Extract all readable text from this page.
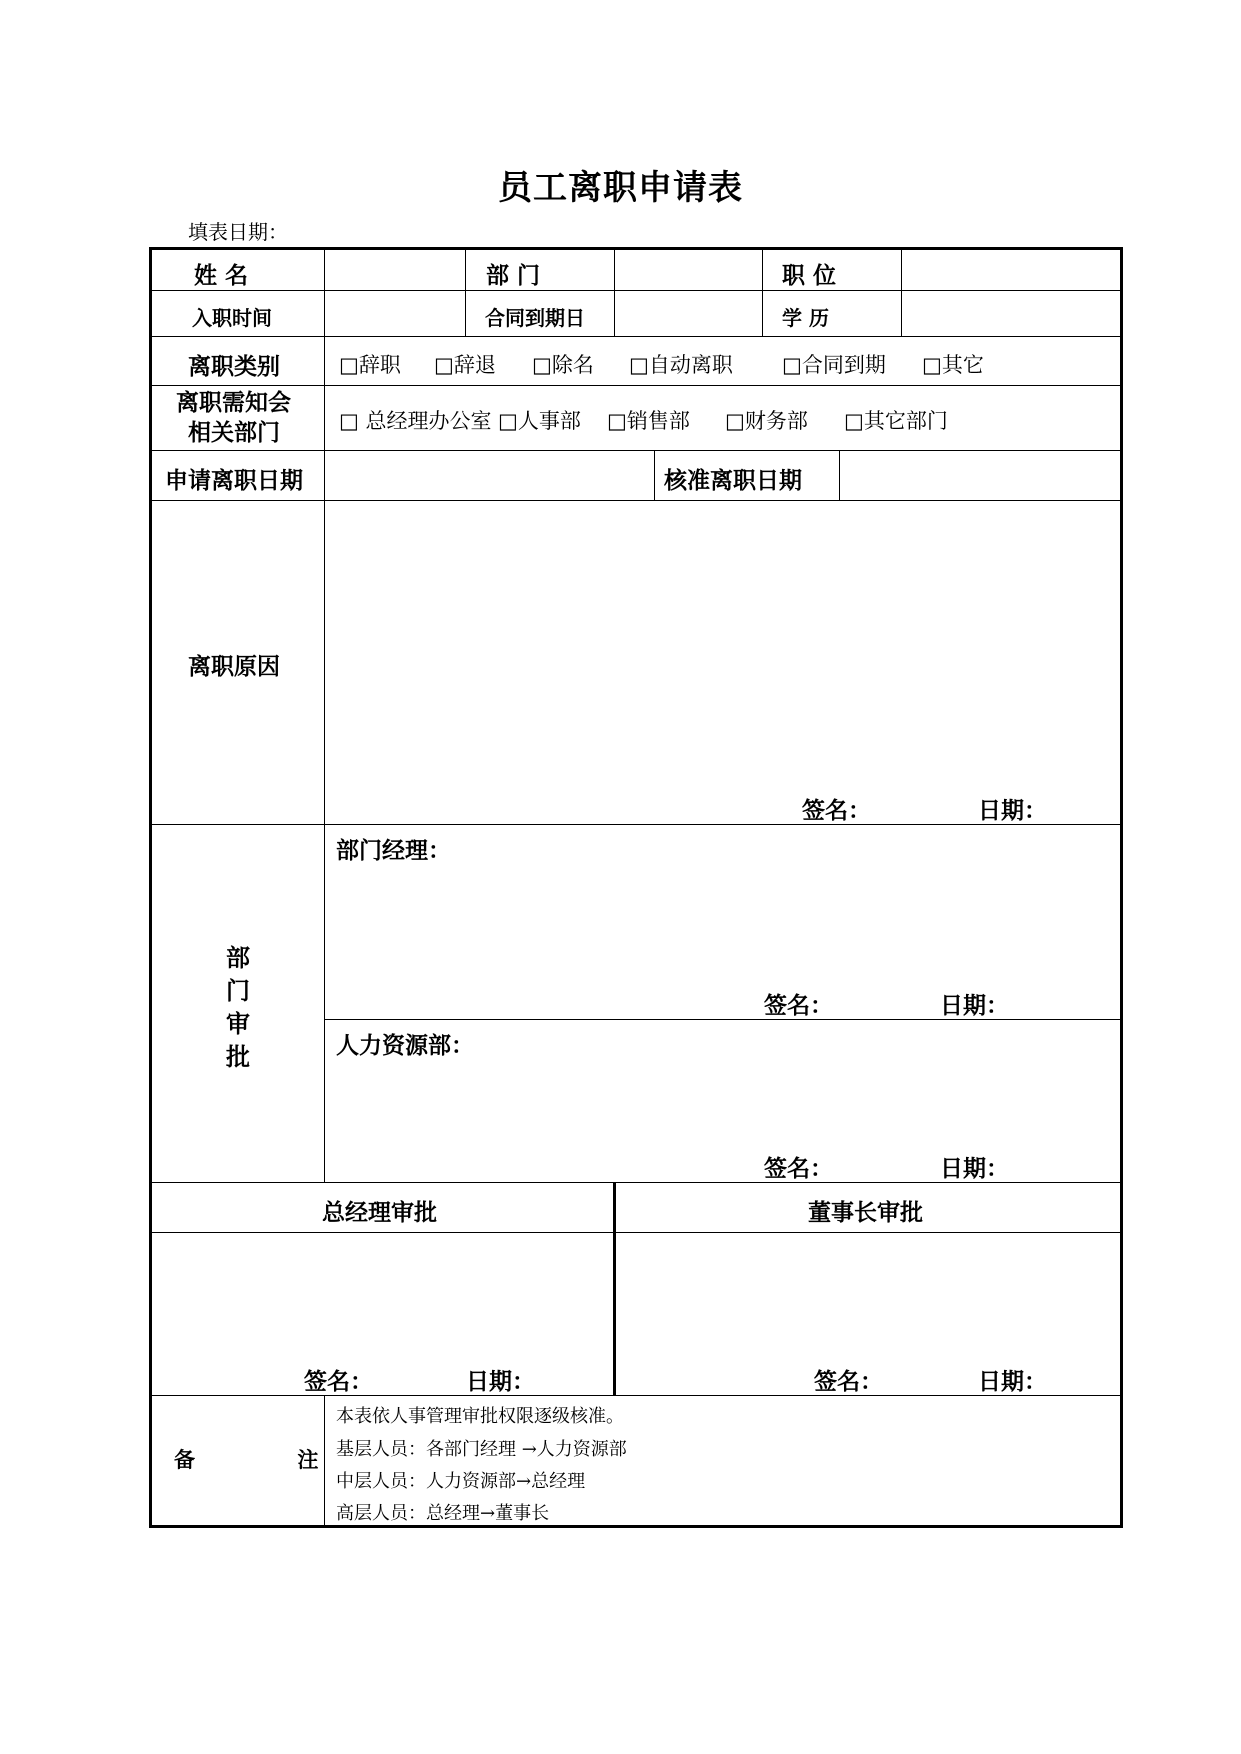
员工离职申请表
填表日期：
姓 名	部 门	职 位
入职时间	合同到期日	学 历
离职类别	□辞职 □辞退 □除名 □自动离职 □合同到期 □其它
离职需知会
相关部门	□ 总经理办公室 □人事部 □销售部 □财务部 □其它部门
申请离职日期	核准离职日期
离职原因
签名：	日期：
部
门
审
批
部门经理：
签名：	日期：
人力资源部：
签名：	日期：
总经理审批	董事长审批
签名：	日期：	签名：	日期：
备              注
本表依人事管理审批权限逐级核准。
基层人员：各部门经理 →人力资源部
中层人员：人力资源部→总经理
高层人员：总经理→董事长
